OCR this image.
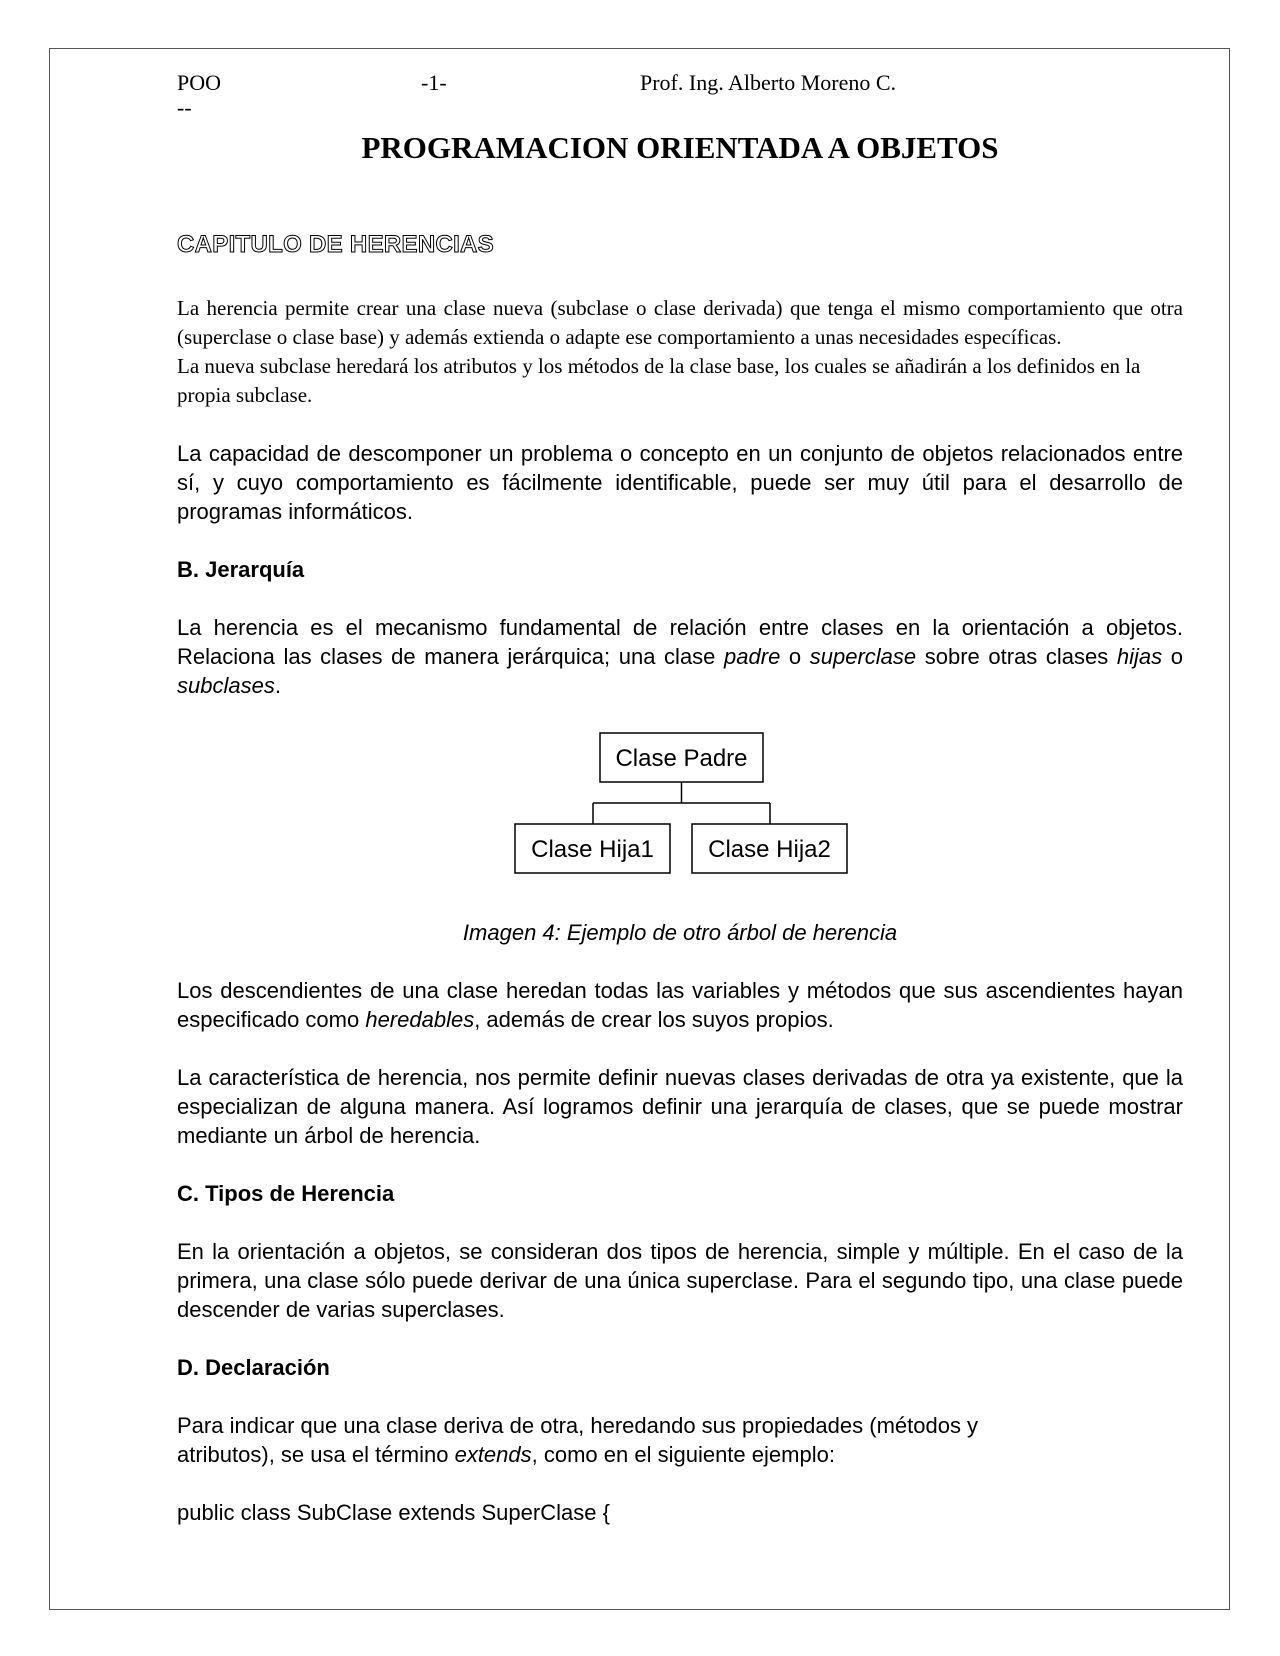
POO	-1-	Prof. Ing. Alberto Moreno C.
--
PROGRAMACION ORIENTADA A OBJETOS
CAPITULO DE HERENCIAS

La herencia permite crear una clase nueva (subclase o clase derivada) que tenga el mismo comportamiento que otra (superclase o clase base) y además extienda o adapte ese comportamiento a unas necesidades específicas.

La nueva subclase heredará los atributos y los métodos de la clase base, los cuales se añadirán a los definidos en la propia subclase.

La capacidad de descomponer un problema o concepto en un conjunto de objetos relacionados entre sí, y cuyo comportamiento es fácilmente identificable, puede ser muy útil para el desarrollo de programas informáticos.

B. Jerarquía

La herencia es el mecanismo fundamental de relación entre clases en la orientación a objetos. Relaciona las clases de manera jerárquica; una clase padre o superclase sobre otras clases hijas o subclases.

Clase Padre
Clase Hija1 Clase Hija2

Imagen 4: Ejemplo de otro árbol de herencia

Los descendientes de una clase heredan todas las variables y métodos que sus ascendientes hayan especificado como heredables, además de crear los suyos propios.

La característica de herencia, nos permite definir nuevas clases derivadas de otra ya existente, que la especializan de alguna manera. Así logramos definir una jerarquía de clases, que se puede mostrar mediante un árbol de herencia.

C. Tipos de Herencia

En la orientación a objetos, se consideran dos tipos de herencia, simple y múltiple. En el caso de la primera, una clase sólo puede derivar de una única superclase. Para el segundo tipo, una clase puede descender de varias superclases.

D. Declaración

Para indicar que una clase deriva de otra, heredando sus propiedades (métodos y
atributos), se usa el término extends, como en el siguiente ejemplo:

public class SubClase extends SuperClase {
